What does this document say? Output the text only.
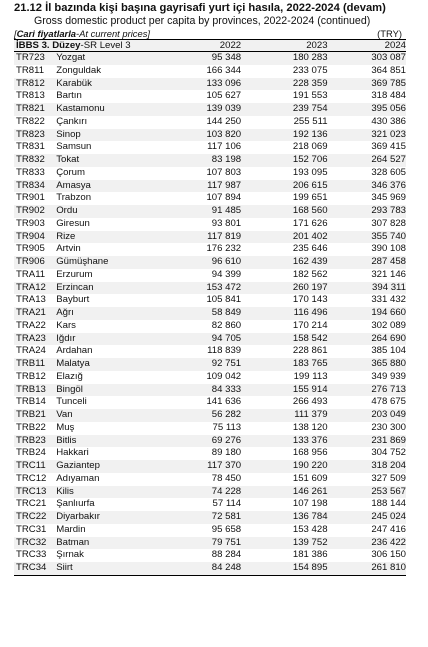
21.12 İl bazında kişi başına gayrisafi yurt içi hasıla, 2022-2024 (devam)
Gross domestic product per capita by provinces, 2022-2024 (continued)
[Cari fiyatlarla-At current prices]	(TRY)
İBBS 3. Düzey-SR Level 3		2022	2023	2024
TR723	Yozgat	95 348	180 283	303 087
TR811	Zonguldak	166 344	233 075	364 851
TR812	Karabük	133 096	228 359	369 785
TR813	Bartın	105 627	191 553	318 484
TR821	Kastamonu	139 039	239 754	395 056
TR822	Çankırı	144 250	255 511	430 386
TR823	Sinop	103 820	192 136	321 023
TR831	Samsun	117 106	218 069	369 415
TR832	Tokat	83 198	152 706	264 527
TR833	Çorum	107 803	193 095	328 605
TR834	Amasya	117 987	206 615	346 376
TR901	Trabzon	107 894	199 651	345 969
TR902	Ordu	91 485	168 560	293 783
TR903	Giresun	93 801	171 626	307 828
TR904	Rize	117 819	201 402	355 740
TR905	Artvin	176 232	235 646	390 108
TR906	Gümüşhane	96 610	162 439	287 458
TRA11	Erzurum	94 399	182 562	321 146
TRA12	Erzincan	153 472	260 197	394 311
TRA13	Bayburt	105 841	170 143	331 432
TRA21	Ağrı	58 849	116 496	194 660
TRA22	Kars	82 860	170 214	302 089
TRA23	Iğdır	94 705	158 542	264 690
TRA24	Ardahan	118 839	228 861	385 104
TRB11	Malatya	92 751	183 765	365 880
TRB12	Elazığ	109 042	199 113	349 939
TRB13	Bingöl	84 333	155 914	276 713
TRB14	Tunceli	141 636	266 493	478 675
TRB21	Van	56 282	111 379	203 049
TRB22	Muş	75 113	138 120	230 300
TRB23	Bitlis	69 276	133 376	231 869
TRB24	Hakkari	89 180	168 956	304 752
TRC11	Gaziantep	117 370	190 220	318 204
TRC12	Adıyaman	78 450	151 609	327 509
TRC13	Kilis	74 228	146 261	253 567
TRC21	Şanlıurfa	57 114	107 198	188 144
TRC22	Diyarbakır	72 581	136 784	245 024
TRC31	Mardin	95 658	153 428	247 416
TRC32	Batman	79 751	139 752	236 422
TRC33	Şırnak	88 284	181 386	306 150
TRC34	Siirt	84 248	154 895	261 810
